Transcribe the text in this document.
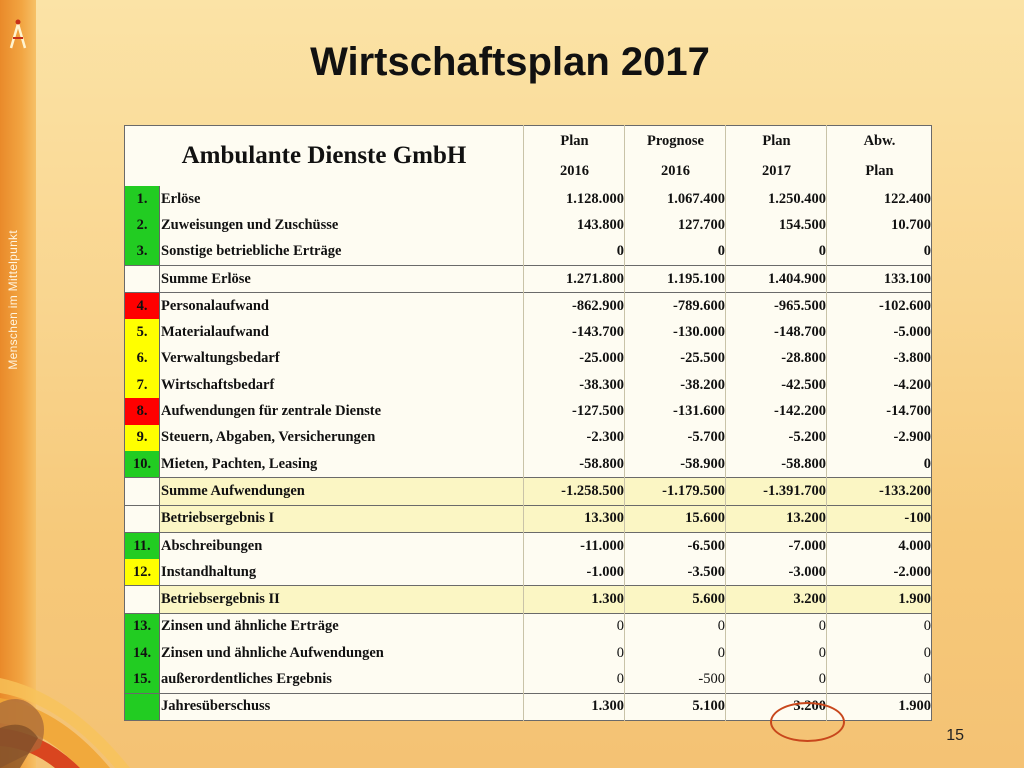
Menschen im Mittelpunkt
Wirtschaftsplan 2017
Ambulante Dienste GmbH		Plan	Prognose	Plan	Abw.
		2016	2016	2017	Plan
1.	Erlöse	1.128.000	1.067.400	1.250.400	122.400
2.	Zuweisungen und Zuschüsse	143.800	127.700	154.500	10.700
3.	Sonstige betriebliche Erträge	0	0	0	0
	Summe Erlöse	1.271.800	1.195.100	1.404.900	133.100
4.	Personalaufwand	-862.900	-789.600	-965.500	-102.600
5.	Materialaufwand	-143.700	-130.000	-148.700	-5.000
6.	Verwaltungsbedarf	-25.000	-25.500	-28.800	-3.800
7.	Wirtschaftsbedarf	-38.300	-38.200	-42.500	-4.200
8.	Aufwendungen für zentrale Dienste	-127.500	-131.600	-142.200	-14.700
9.	Steuern, Abgaben, Versicherungen	-2.300	-5.700	-5.200	-2.900
10.	Mieten, Pachten, Leasing	-58.800	-58.900	-58.800	0
	Summe Aufwendungen	-1.258.500	-1.179.500	-1.391.700	-133.200
	Betriebsergebnis I	13.300	15.600	13.200	-100
11.	Abschreibungen	-11.000	-6.500	-7.000	4.000
12.	Instandhaltung	-1.000	-3.500	-3.000	-2.000
	Betriebsergebnis II	1.300	5.600	3.200	1.900
13.	Zinsen und ähnliche Erträge	0	0	0	0
14.	Zinsen und ähnliche Aufwendungen	0	0	0	0
15.	außerordentliches Ergebnis	0	-500	0	0
	Jahresüberschuss	1.300	5.100	3.200	1.900
15
